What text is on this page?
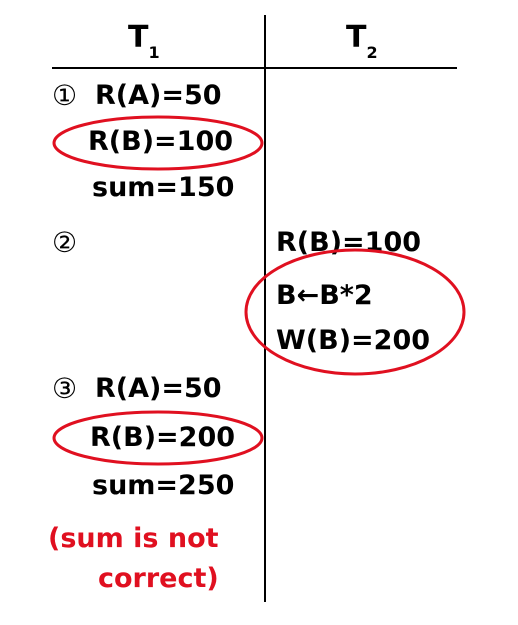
$T_1$	$T_2$
① R(A)=50
R(B)=100
sum=150
②	R(B)=100
B←B*2
W(B)=200
③ R(A)=50
R(B)=200
sum=250
(sum is not
correct)
